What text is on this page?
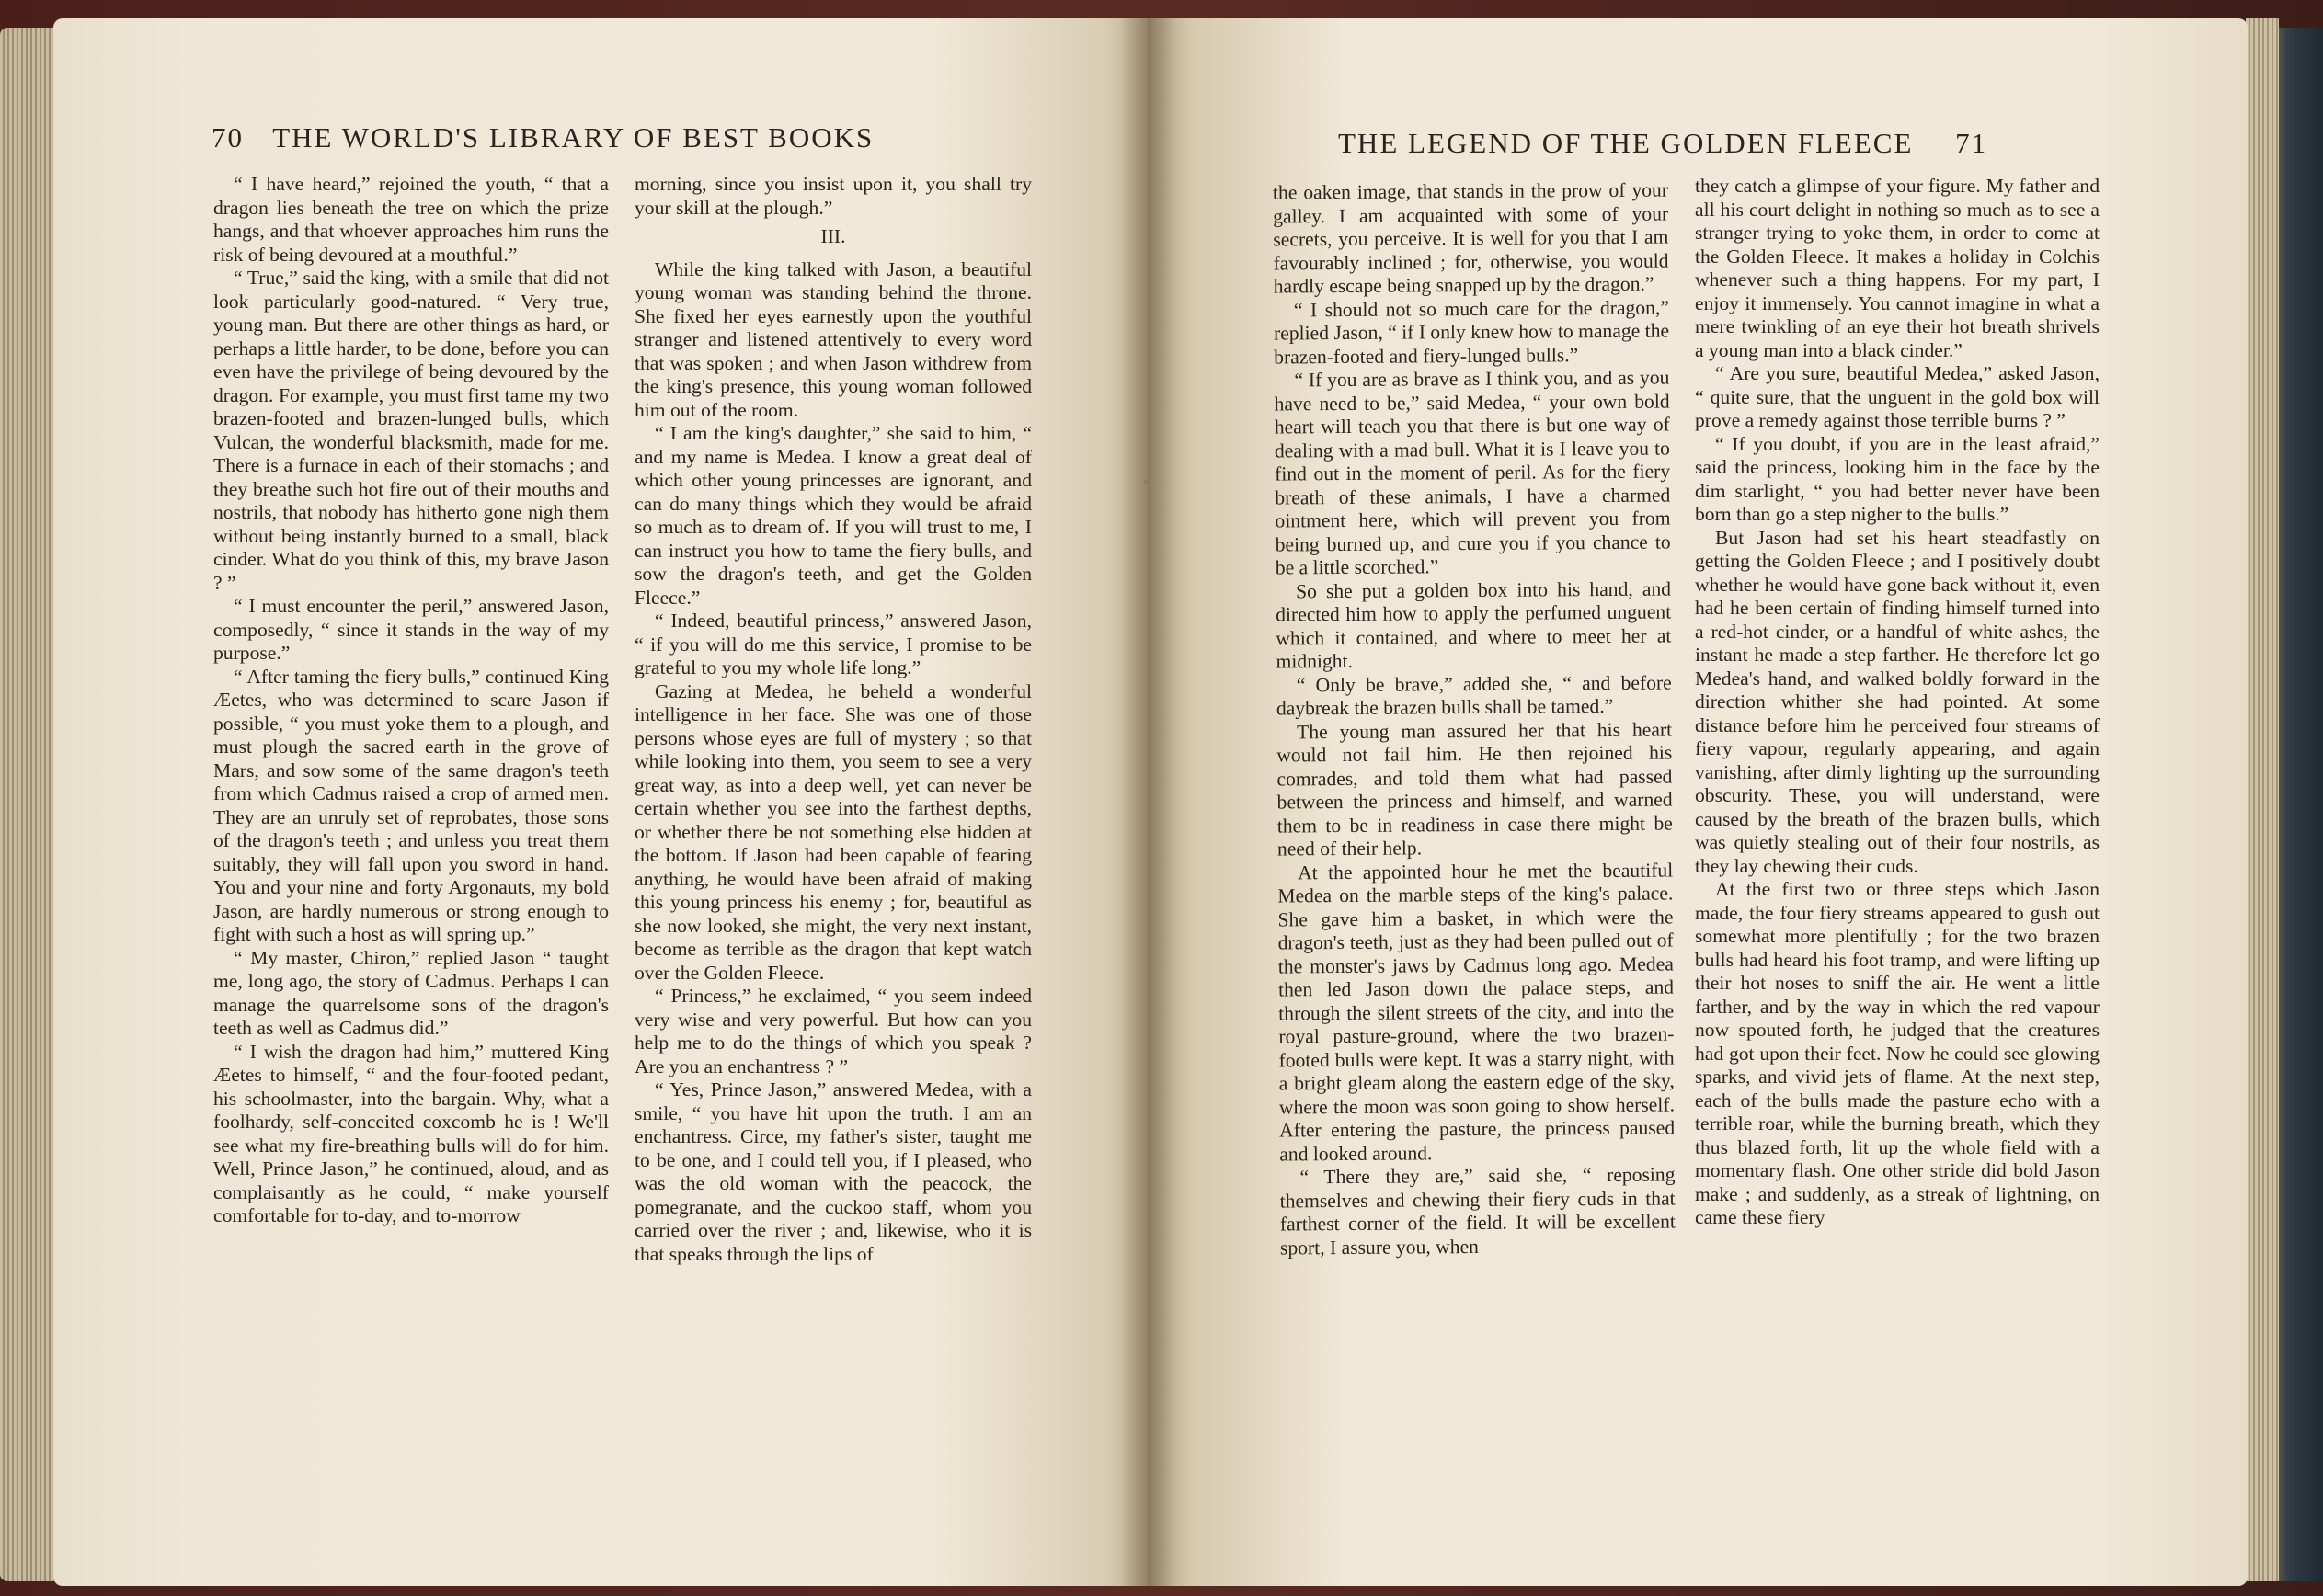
70 THE WORLD'S LIBRARY OF BEST BOOKS	THE LEGEND OF THE GOLDEN FLEECE 71

“ I have heard,” rejoined the youth, “ that a dragon lies beneath the tree on which the prize hangs, and that whoever approaches him runs the risk of being devoured at a mouthful.”

“ True,” said the king, with a smile that did not look particularly good-natured. “ Very true, young man. But there are other things as hard, or perhaps a little harder, to be done, before you can even have the privilege of being devoured by the dragon. For example, you must first tame my two brazen-footed and brazen-lunged bulls, which Vulcan, the wonderful blacksmith, made for me. There is a furnace in each of their stomachs ; and they breathe such hot fire out of their mouths and nostrils, that nobody has hitherto gone nigh them without being instantly burned to a small, black cinder. What do you think of this, my brave Jason ? ”

“ I must encounter the peril,” answered Jason, composedly, “ since it stands in the way of my purpose.”

“ After taming the fiery bulls,” continued King Æetes, who was determined to scare Jason if possible, “ you must yoke them to a plough, and must plough the sacred earth in the grove of Mars, and sow some of the same dragon's teeth from which Cadmus raised a crop of armed men. They are an unruly set of reprobates, those sons of the dragon's teeth ; and unless you treat them suitably, they will fall upon you sword in hand. You and your nine and forty Argonauts, my bold Jason, are hardly numerous or strong enough to fight with such a host as will spring up.”

“ My master, Chiron,” replied Jason “ taught me, long ago, the story of Cadmus. Perhaps I can manage the quarrelsome sons of the dragon's teeth as well as Cadmus did.”

“ I wish the dragon had him,” muttered King Æetes to himself, “ and the four-footed pedant, his schoolmaster, into the bargain. Why, what a foolhardy, self-conceited coxcomb he is ! We'll see what my fire-breathing bulls will do for him. Well, Prince Jason,” he continued, aloud, and as complaisantly as he could, “ make yourself comfortable for to-day, and to-morrow

morning, since you insist upon it, you shall try your skill at the plough.”

III.

While the king talked with Jason, a beautiful young woman was standing behind the throne. She fixed her eyes earnestly upon the youthful stranger and listened attentively to every word that was spoken ; and when Jason withdrew from the king's presence, this young woman followed him out of the room.

“ I am the king's daughter,” she said to him, “ and my name is Medea. I know a great deal of which other young princesses are ignorant, and can do many things which they would be afraid so much as to dream of. If you will trust to me, I can instruct you how to tame the fiery bulls, and sow the dragon's teeth, and get the Golden Fleece.”

“ Indeed, beautiful princess,” answered Jason, “ if you will do me this service, I promise to be grateful to you my whole life long.”

Gazing at Medea, he beheld a wonderful intelligence in her face. She was one of those persons whose eyes are full of mystery ; so that while looking into them, you seem to see a very great way, as into a deep well, yet can never be certain whether you see into the farthest depths, or whether there be not something else hidden at the bottom. If Jason had been capable of fearing anything, he would have been afraid of making this young princess his enemy ; for, beautiful as she now looked, she might, the very next instant, become as terrible as the dragon that kept watch over the Golden Fleece.

“ Princess,” he exclaimed, “ you seem indeed very wise and very powerful. But how can you help me to do the things of which you speak ? Are you an enchantress ? ”

“ Yes, Prince Jason,” answered Medea, with a smile, “ you have hit upon the truth. I am an enchantress. Circe, my father's sister, taught me to be one, and I could tell you, if I pleased, who was the old woman with the peacock, the pomegranate, and the cuckoo staff, whom you carried over the river ; and, likewise, who it is that speaks through the lips of

the oaken image, that stands in the prow of your galley. I am acquainted with some of your secrets, you perceive. It is well for you that I am favourably inclined ; for, otherwise, you would hardly escape being snapped up by the dragon.”

“ I should not so much care for the dragon,” replied Jason, “ if I only knew how to manage the brazen-footed and fiery-lunged bulls.”

“ If you are as brave as I think you, and as you have need to be,” said Medea, “ your own bold heart will teach you that there is but one way of dealing with a mad bull. What it is I leave you to find out in the moment of peril. As for the fiery breath of these animals, I have a charmed ointment here, which will prevent you from being burned up, and cure you if you chance to be a little scorched.”

So she put a golden box into his hand, and directed him how to apply the perfumed unguent which it contained, and where to meet her at midnight.

“ Only be brave,” added she, “ and before daybreak the brazen bulls shall be tamed.”

The young man assured her that his heart would not fail him. He then rejoined his comrades, and told them what had passed between the princess and himself, and warned them to be in readiness in case there might be need of their help.

At the appointed hour he met the beautiful Medea on the marble steps of the king's palace. She gave him a basket, in which were the dragon's teeth, just as they had been pulled out of the monster's jaws by Cadmus long ago. Medea then led Jason down the palace steps, and through the silent streets of the city, and into the royal pasture-ground, where the two brazen-footed bulls were kept. It was a starry night, with a bright gleam along the eastern edge of the sky, where the moon was soon going to show herself. After entering the pasture, the princess paused and looked around.

“ There they are,” said she, “ reposing themselves and chewing their fiery cuds in that farthest corner of the field. It will be excellent sport, I assure you, when

they catch a glimpse of your figure. My father and all his court delight in nothing so much as to see a stranger trying to yoke them, in order to come at the Golden Fleece. It makes a holiday in Colchis whenever such a thing happens. For my part, I enjoy it immensely. You cannot imagine in what a mere twinkling of an eye their hot breath shrivels a young man into a black cinder.”

“ Are you sure, beautiful Medea,” asked Jason, “ quite sure, that the unguent in the gold box will prove a remedy against those terrible burns ? ”

“ If you doubt, if you are in the least afraid,” said the princess, looking him in the face by the dim starlight, “ you had better never have been born than go a step nigher to the bulls.”

But Jason had set his heart steadfastly on getting the Golden Fleece ; and I positively doubt whether he would have gone back without it, even had he been certain of finding himself turned into a red-hot cinder, or a handful of white ashes, the instant he made a step farther. He therefore let go Medea's hand, and walked boldly forward in the direction whither she had pointed. At some distance before him he perceived four streams of fiery vapour, regularly appearing, and again vanishing, after dimly lighting up the surrounding obscurity. These, you will understand, were caused by the breath of the brazen bulls, which was quietly stealing out of their four nostrils, as they lay chewing their cuds.

At the first two or three steps which Jason made, the four fiery streams appeared to gush out somewhat more plentifully ; for the two brazen bulls had heard his foot tramp, and were lifting up their hot noses to sniff the air. He went a little farther, and by the way in which the red vapour now spouted forth, he judged that the creatures had got upon their feet. Now he could see glowing sparks, and vivid jets of flame. At the next step, each of the bulls made the pasture echo with a terrible roar, while the burning breath, which they thus blazed forth, lit up the whole field with a momentary flash. One other stride did bold Jason make ; and suddenly, as a streak of lightning, on came these fiery
